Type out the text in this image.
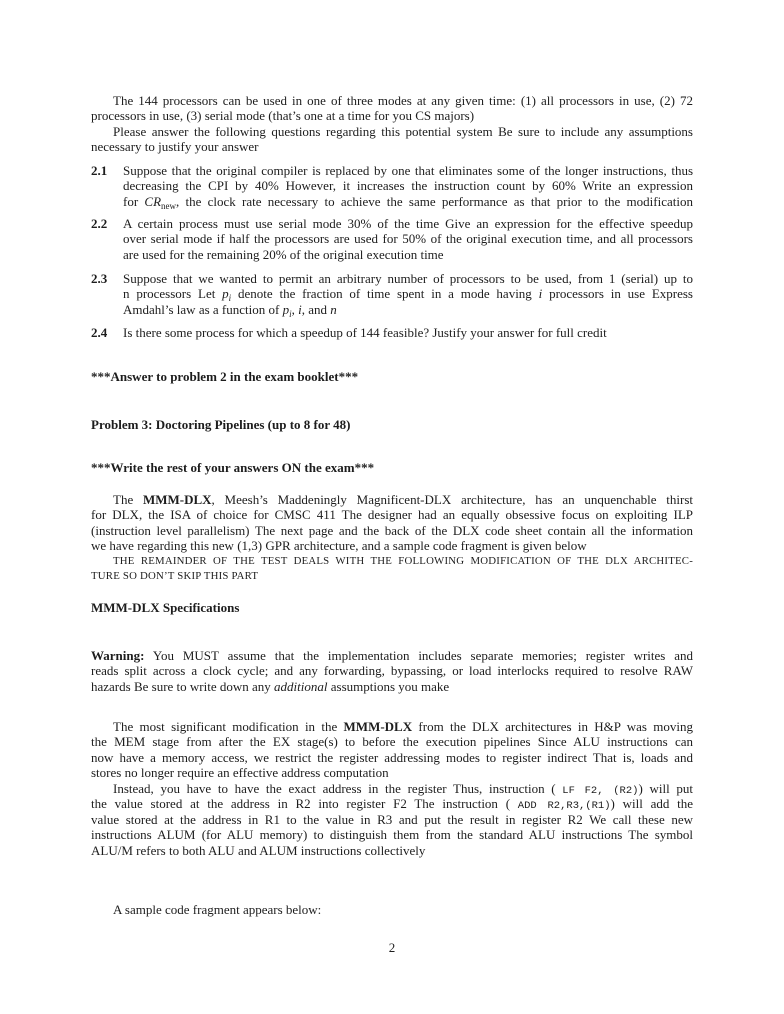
The 144 processors can be used in one of three modes at any given time: (1) all processors in use, (2) 72
processors in use, (3) serial mode (that’s one at a time for you CS majors)
Please answer the following questions regarding this potential system Be sure to include any assumptions
necessary to justify your answer
2.1 Suppose that the original compiler is replaced by one that eliminates some of the longer instructions, thus
decreasing the CPI by 40% However, it increases the instruction count by 60% Write an expression
for $CR_{new}$, the clock rate necessary to achieve the same performance as that prior to the modification
2.2 A certain process must use serial mode 30% of the time Give an expression for the effective speedup
over serial mode if half the processors are used for 50% of the original execution time, and all processors
are used for the remaining 20% of the original execution time
2.3 Suppose that we wanted to permit an arbitrary number of processors to be used, from 1 (serial) up to
n processors Let $p_i$ denote the fraction of time spent in a mode having i processors in use Express
Amdahl’s law as a function of $p_i$, i, and n
2.4 Is there some process for which a speedup of 144 feasible? Justify your answer for full credit
***Answer to problem 2 in the exam booklet***
Problem 3: Doctoring Pipelines (up to 8 for 48)
***Write the rest of your answers ON the exam***
The MMM-DLX, Meesh’s Maddeningly Magnificent-DLX architecture, has an unquenchable thirst
for DLX, the ISA of choice for CMSC 411 The designer had an equally obsessive focus on exploiting ILP
(instruction level parallelism) The next page and the back of the DLX code sheet contain all the information
we have regarding this new (1,3) GPR architecture, and a sample code fragment is given below
THE REMAINDER OF THE TEST DEALS WITH THE FOLLOWING MODIFICATION OF THE DLX ARCHITEC-
TURE SO DON’T SKIP THIS PART
MMM-DLX Specifications
Warning: You MUST assume that the implementation includes separate memories; register writes and
reads split across a clock cycle; and any forwarding, bypassing, or load interlocks required to resolve RAW
hazards Be sure to write down any additional assumptions you make
The most significant modification in the MMM-DLX from the DLX architectures in H&P was moving
the MEM stage from after the EX stage(s) to before the execution pipelines Since ALU instructions can
now have a memory access, we restrict the register addressing modes to register indirect That is, loads and
stores no longer require an effective address computation
Instead, you have to have the exact address in the register Thus, instruction ( LF F2, (R2)) will put
the value stored at the address in R2 into register F2 The instruction ( ADD R2,R3,(R1)) will add the
value stored at the address in R1 to the value in R3 and put the result in register R2 We call these new
instructions ALUM (for ALU memory) to distinguish them from the standard ALU instructions The symbol
ALU/M refers to both ALU and ALUM instructions collectively
A sample code fragment appears below:
2
